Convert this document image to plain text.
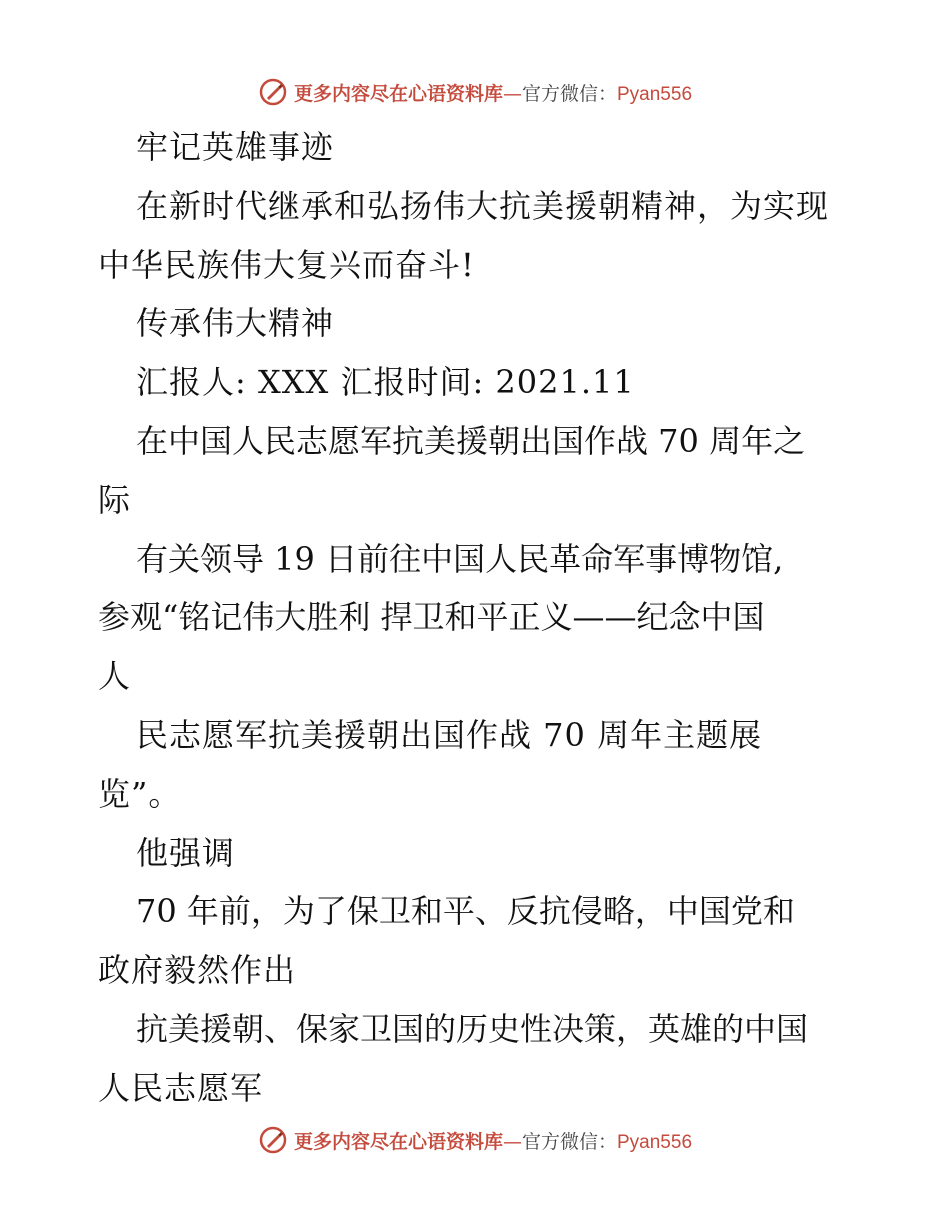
更多内容尽在心语资料库—官方微信：Pyan556
牢记英雄事迹
在新时代继承和弘扬伟大抗美援朝精神，为实现
中华民族伟大复兴而奋斗!
传承伟大精神
汇报人: XXX 汇报时间: 2021.11
在中国人民志愿军抗美援朝出国作战 70 周年之
际
有关领导 19 日前往中国人民革命军事博物馆,
参观“铭记伟大胜利 捍卫和平正义——纪念中国
人
民志愿军抗美援朝出国作战 70 周年主题展
览”。
他强调
70 年前，为了保卫和平、反抗侵略，中国党和
政府毅然作出
抗美援朝、保家卫国的历史性决策，英雄的中国
人民志愿军
更多内容尽在心语资料库—官方微信：Pyan556
